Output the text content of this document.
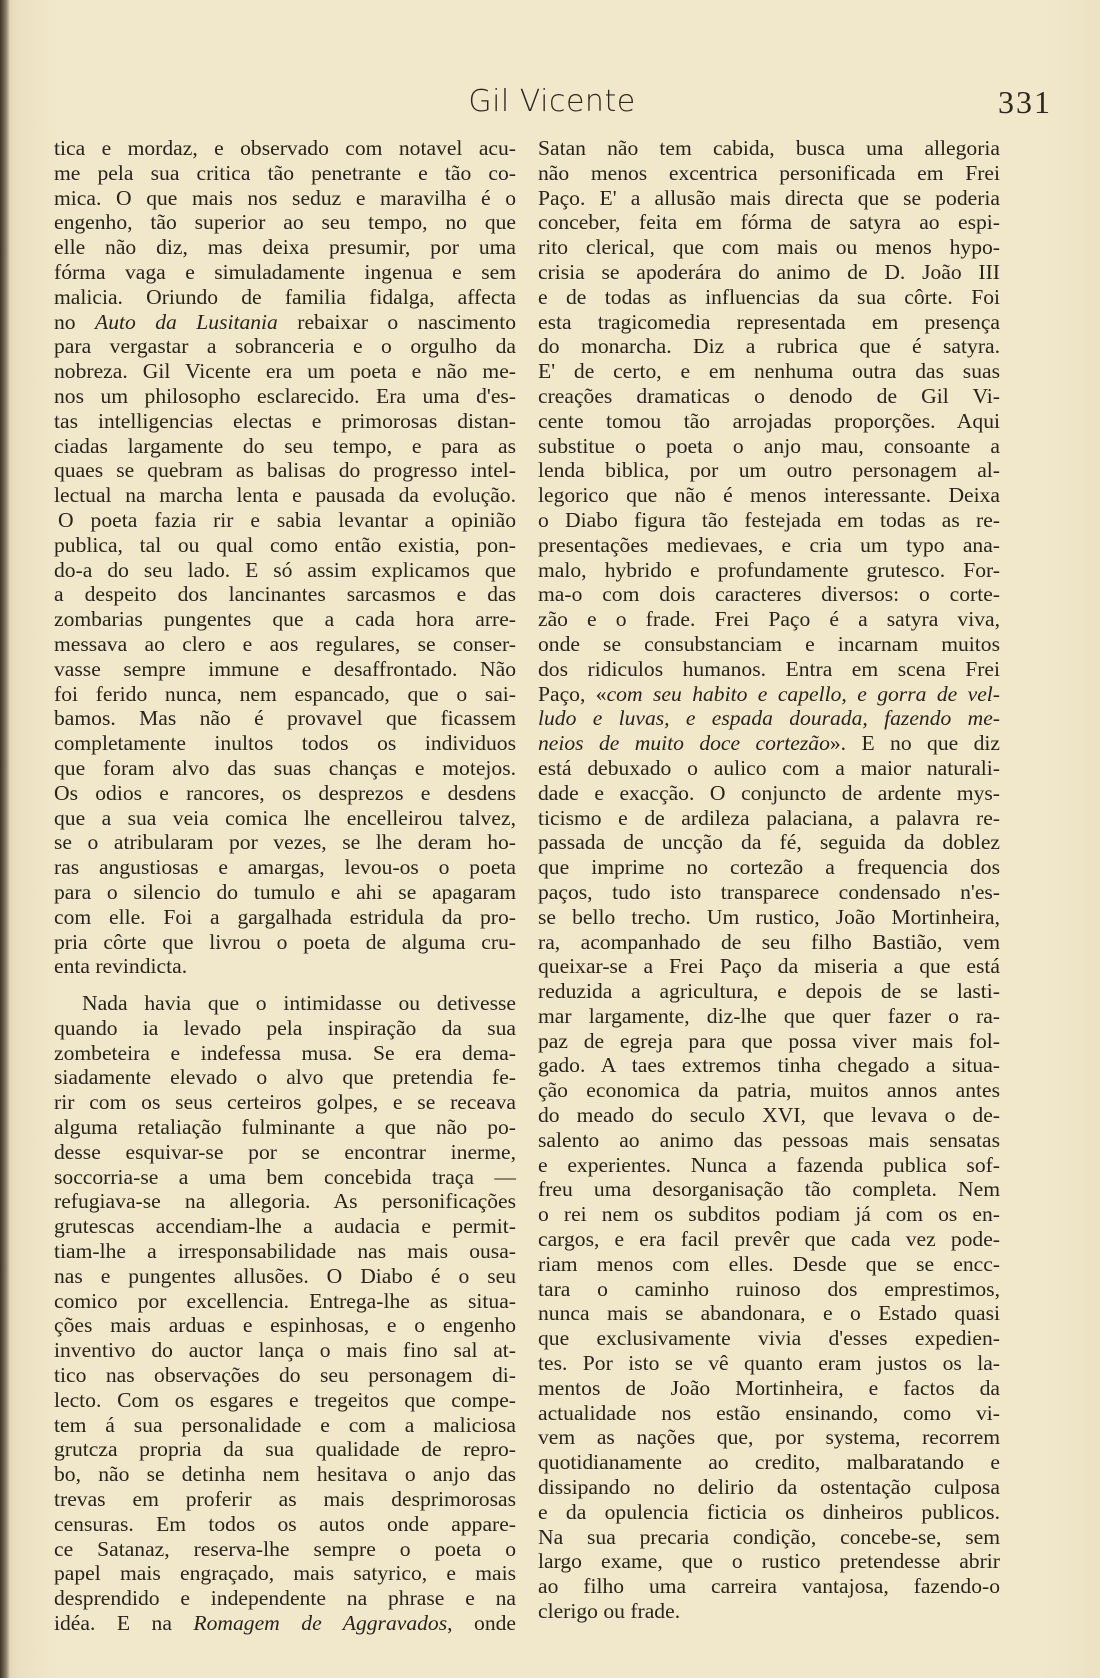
Gil Vicente	331
tica e mordaz, e observado com notavel acu-
me pela sua critica tão penetrante e tão co-
mica. O que mais nos seduz e maravilha é o
engenho, tão superior ao seu tempo, no que
elle não diz, mas deixa presumir, por uma
fórma vaga e simuladamente ingenua e sem
malicia. Oriundo de familia fidalga, affecta
no Auto da Lusitania rebaixar o nascimento
para vergastar a sobranceria e o orgulho da
nobreza. Gil Vicente era um poeta e não me-
nos um philosopho esclarecido. Era uma d'es-
tas intelligencias electas e primorosas distan-
ciadas largamente do seu tempo, e para as
quaes se quebram as balisas do progresso intel-
lectual na marcha lenta e pausada da evolução.
O poeta fazia rir e sabia levantar a opinião
publica, tal ou qual como então existia, pon-
do-a do seu lado. E só assim explicamos que
a despeito dos lancinantes sarcasmos e das
zombarias pungentes que a cada hora arre-
messava ao clero e aos regulares, se conser-
vasse sempre immune e desaffrontado. Não
foi ferido nunca, nem espancado, que o sai-
bamos. Mas não é provavel que ficassem
completamente inultos todos os individuos
que foram alvo das suas chanças e motejos.
Os odios e rancores, os desprezos e desdens
que a sua veia comica lhe encelleirou talvez,
se o atribularam por vezes, se lhe deram ho-
ras angustiosas e amargas, levou-os o poeta
para o silencio do tumulo e ahi se apagaram
com elle. Foi a gargalhada estridula da pro-
pria côrte que livrou o poeta de alguma cru-
enta revindicta.
Nada havia que o intimidasse ou detivesse
quando ia levado pela inspiração da sua
zombeteira e indefessa musa. Se era dema-
siadamente elevado o alvo que pretendia fe-
rir com os seus certeiros golpes, e se receava
alguma retaliação fulminante a que não po-
desse esquivar-se por se encontrar inerme,
soccorria-se a uma bem concebida traça —
refugiava-se na allegoria. As personificações
grutescas accendiam-lhe a audacia e permit-
tiam-lhe a irresponsabilidade nas mais ousa-
nas e pungentes allusões. O Diabo é o seu
comico por excellencia. Entrega-lhe as situa-
ções mais arduas e espinhosas, e o engenho
inventivo do auctor lança o mais fino sal at-
tico nas observações do seu personagem di-
lecto. Com os esgares e tregeitos que compe-
tem á sua personalidade e com a maliciosa
grutcza propria da sua qualidade de repro-
bo, não se detinha nem hesitava o anjo das
trevas em proferir as mais desprimorosas
censuras. Em todos os autos onde appare-
ce Satanaz, reserva-lhe sempre o poeta o
papel mais engraçado, mais satyrico, e mais
desprendido e independente na phrase e na
idéa. E na Romagem de Aggravados, onde
Satan não tem cabida, busca uma allegoria
não menos excentrica personificada em Frei
Paço. E' a allusão mais directa que se poderia
conceber, feita em fórma de satyra ao espi-
rito clerical, que com mais ou menos hypo-
crisia se apoderára do animo de D. João III
e de todas as influencias da sua côrte. Foi
esta tragicomedia representada em presença
do monarcha. Diz a rubrica que é satyra.
E' de certo, e em nenhuma outra das suas
creações dramaticas o denodo de Gil Vi-
cente tomou tão arrojadas proporções. Aqui
substitue o poeta o anjo mau, consoante a
lenda biblica, por um outro personagem al-
legorico que não é menos interessante. Deixa
o Diabo figura tão festejada em todas as re-
presentações medievaes, e cria um typo ana-
malo, hybrido e profundamente grutesco. For-
ma-o com dois caracteres diversos: o corte-
zão e o frade. Frei Paço é a satyra viva,
onde se consubstanciam e incarnam muitos
dos ridiculos humanos. Entra em scena Frei
Paço, «com seu habito e capello, e gorra de vel-
ludo e luvas, e espada dourada, fazendo me-
neios de muito doce cortezão». E no que diz
está debuxado o aulico com a maior naturali-
dade e exacção. O conjuncto de ardente mys-
ticismo e de ardileza palaciana, a palavra re-
passada de uncção da fé, seguida da doblez
que imprime no cortezão a frequencia dos
paços, tudo isto transparece condensado n'es-
se bello trecho. Um rustico, João Mortinheira,
ra, acompanhado de seu filho Bastião, vem
queixar-se a Frei Paço da miseria a que está
reduzida a agricultura, e depois de se lasti-
mar largamente, diz-lhe que quer fazer o ra-
paz de egreja para que possa viver mais fol-
gado. A taes extremos tinha chegado a situa-
ção economica da patria, muitos annos antes
do meado do seculo XVI, que levava o de-
salento ao animo das pessoas mais sensatas
e experientes. Nunca a fazenda publica sof-
freu uma desorganisação tão completa. Nem
o rei nem os subditos podiam já com os en-
cargos, e era facil prevêr que cada vez pode-
riam menos com elles. Desde que se encc-
tara o caminho ruinoso dos emprestimos,
nunca mais se abandonara, e o Estado quasi
que exclusivamente vivia d'esses expedien-
tes. Por isto se vê quanto eram justos os la-
mentos de João Mortinheira, e factos da
actualidade nos estão ensinando, como vi-
vem as nações que, por systema, recorrem
quotidianamente ao credito, malbaratando e
dissipando no delirio da ostentação culposa
e da opulencia ficticia os dinheiros publicos.
Na sua precaria condição, concebe-se, sem
largo exame, que o rustico pretendesse abrir
ao filho uma carreira vantajosa, fazendo-o
clerigo ou frade.
